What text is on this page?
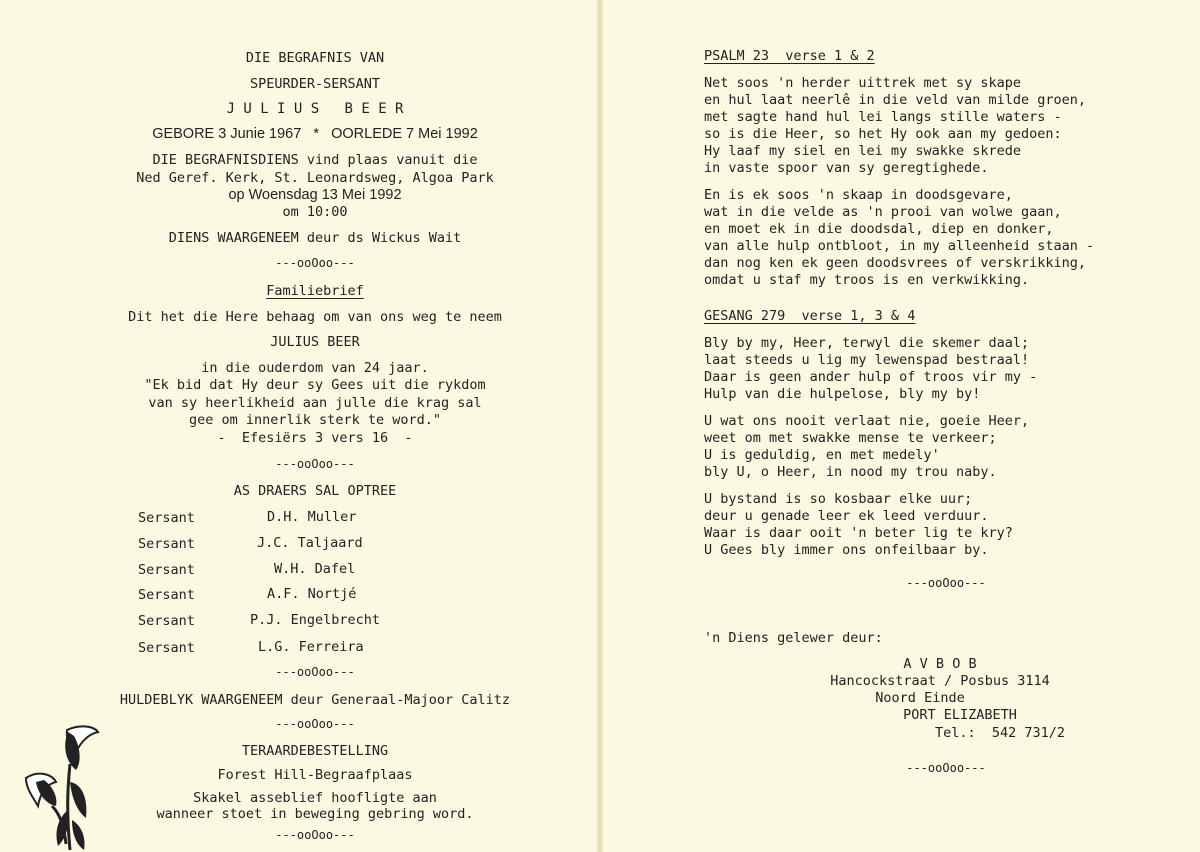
DIE BEGRAFNIS VAN
SPEURDER-SERSANT
J U L I U S   B E E R
GEBORE 3 Junie 1967   *   OORLEDE 7 Mei 1992
DIE BEGRAFNISDIENS vind plaas vanuit die
Ned Geref. Kerk, St. Leonardsweg, Algoa Park
op Woensdag 13 Mei 1992
om 10:00
DIENS WAARGENEEM deur ds Wickus Wait
---ooOoo---
Familiebrief
Dit het die Here behaag om van ons weg te neem
JULIUS BEER
in die ouderdom van 24 jaar.
"Ek bid dat Hy deur sy Gees uit die rykdom
van sy heerlikheid aan julle die krag sal
gee om innerlik sterk te word."
-  Efesiërs 3 vers 16  -
---ooOoo---
AS DRAERS SAL OPTREE
Sersant	D.H. Muller
Sersant	J.C. Taljaard
Sersant	W.H. Dafel
Sersant	A.F. Nortjé
Sersant	P.J. Engelbrecht
Sersant	L.G. Ferreira
---ooOoo---
HULDEBLYK WAARGENEEM deur Generaal-Majoor Calitz
---ooOoo---
TERAARDEBESTELLING
Forest Hill-Begraafplaas
Skakel asseblief hoofligte aan
wanneer stoet in beweging gebring word.
---ooOoo---
PSALM 23  verse 1 & 2
Net soos 'n herder uittrek met sy skape
en hul laat neerlê in die veld van milde groen,
met sagte hand hul lei langs stille waters -
so is die Heer, so het Hy ook aan my gedoen:
Hy laaf my siel en lei my swakke skrede
in vaste spoor van sy geregtighede.
En is ek soos 'n skaap in doodsgevare,
wat in die velde as 'n prooi van wolwe gaan,
en moet ek in die doodsdal, diep en donker,
van alle hulp ontbloot, in my alleenheid staan -
dan nog ken ek geen doodsvrees of verskrikking,
omdat u staf my troos is en verkwikking.
GESANG 279  verse 1, 3 & 4
Bly by my, Heer, terwyl die skemer daal;
laat steeds u lig my lewenspad bestraal!
Daar is geen ander hulp of troos vir my -
Hulp van die hulpelose, bly my by!
U wat ons nooit verlaat nie, goeie Heer,
weet om met swakke mense te verkeer;
U is geduldig, en met medely'
bly U, o Heer, in nood my trou naby.
U bystand is so kosbaar elke uur;
deur u genade leer ek leed verduur.
Waar is daar ooit 'n beter lig te kry?
U Gees bly immer ons onfeilbaar by.
---ooOoo---
'n Diens gelewer deur:
A V B O B
Hancockstraat / Posbus 3114
Noord Einde
PORT ELIZABETH
Tel.:  542 731/2
---ooOoo---
